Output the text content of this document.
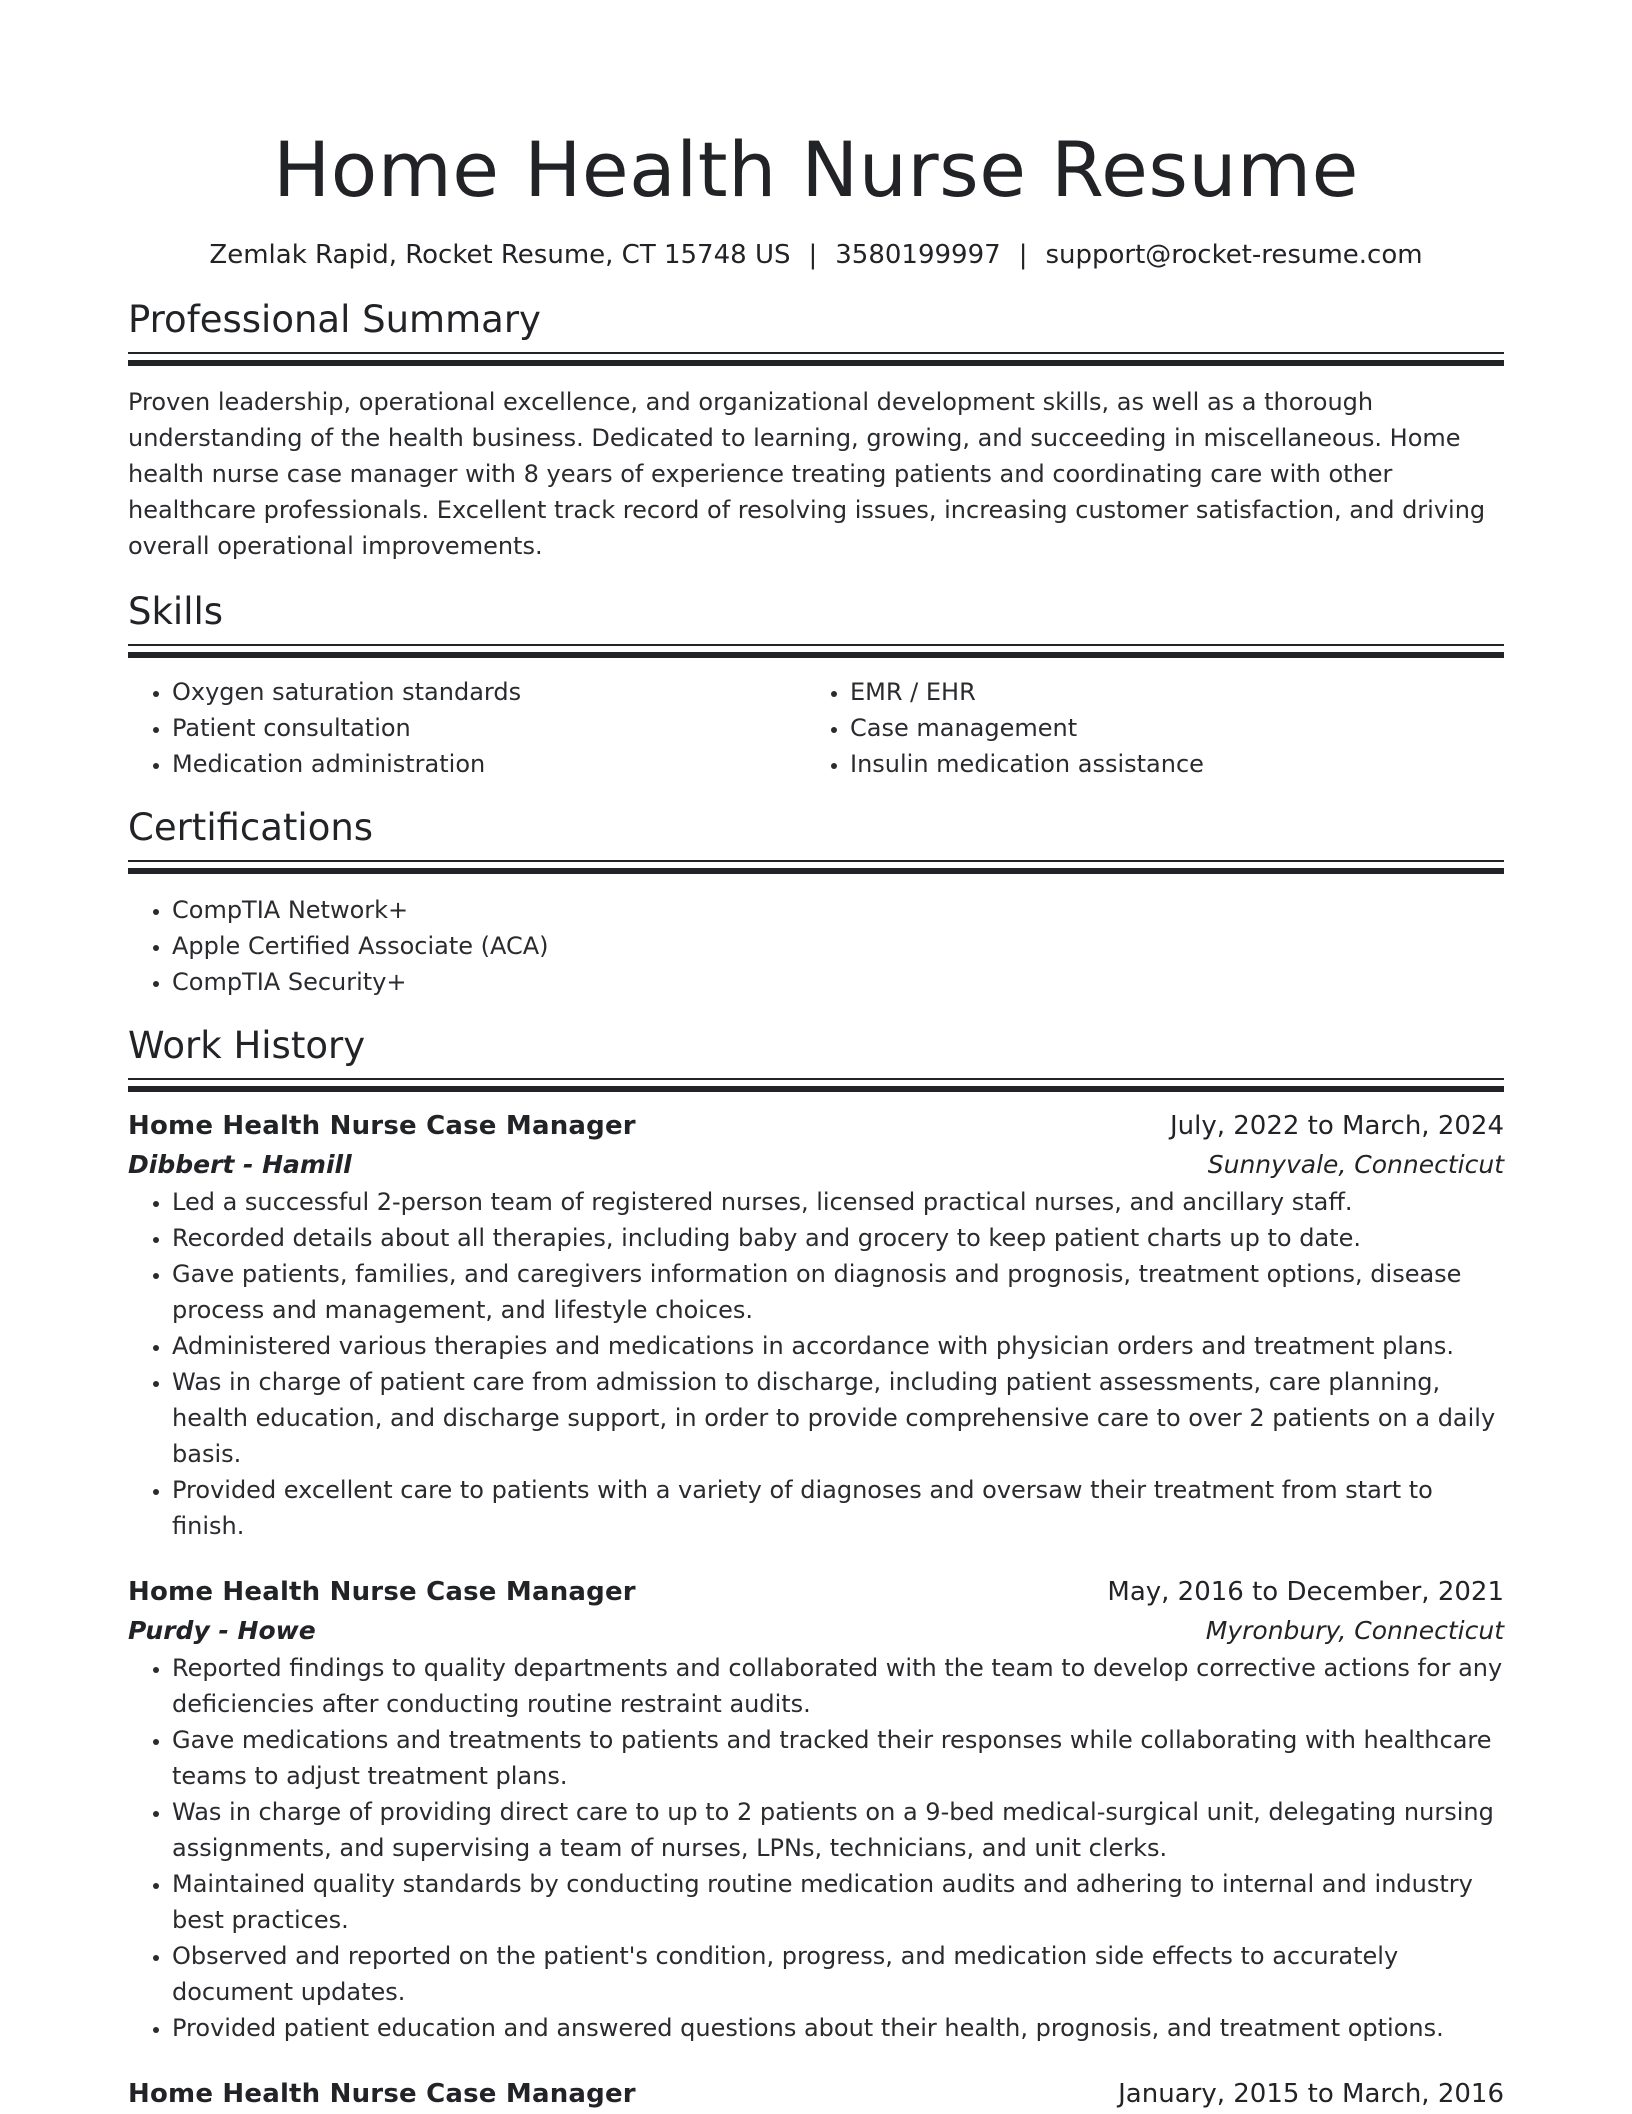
Home Health Nurse Resume
Zemlak Rapid, Rocket Resume, CT 15748 US | 3580199997 | support@rocket-resume.com
Professional Summary
Proven leadership, operational excellence, and organizational development skills, as well as a thorough understanding of the health business. Dedicated to learning, growing, and succeeding in miscellaneous. Home health nurse case manager with 8 years of experience treating patients and coordinating care with other healthcare professionals. Excellent track record of resolving issues, increasing customer satisfaction, and driving overall operational improvements.
Skills
• Oxygen saturation standards
• Patient consultation
• Medication administration
• EMR / EHR
• Case management
• Insulin medication assistance
Certifications
• CompTIA Network+
• Apple Certified Associate (ACA)
• CompTIA Security+
Work History
Home Health Nurse Case Manager	July, 2022 to March, 2024
Dibbert - Hamill	Sunnyvale, Connecticut
• Led a successful 2-person team of registered nurses, licensed practical nurses, and ancillary staff.
• Recorded details about all therapies, including baby and grocery to keep patient charts up to date.
• Gave patients, families, and caregivers information on diagnosis and prognosis, treatment options, disease process and management, and lifestyle choices.
• Administered various therapies and medications in accordance with physician orders and treatment plans.
• Was in charge of patient care from admission to discharge, including patient assessments, care planning, health education, and discharge support, in order to provide comprehensive care to over 2 patients on a daily basis.
• Provided excellent care to patients with a variety of diagnoses and oversaw their treatment from start to finish.
Home Health Nurse Case Manager	May, 2016 to December, 2021
Purdy - Howe	Myronbury, Connecticut
• Reported findings to quality departments and collaborated with the team to develop corrective actions for any deficiencies after conducting routine restraint audits.
• Gave medications and treatments to patients and tracked their responses while collaborating with healthcare teams to adjust treatment plans.
• Was in charge of providing direct care to up to 2 patients on a 9-bed medical-surgical unit, delegating nursing assignments, and supervising a team of nurses, LPNs, technicians, and unit clerks.
• Maintained quality standards by conducting routine medication audits and adhering to internal and industry best practices.
• Observed and reported on the patient's condition, progress, and medication side effects to accurately document updates.
• Provided patient education and answered questions about their health, prognosis, and treatment options.
Home Health Nurse Case Manager	January, 2015 to March, 2016
